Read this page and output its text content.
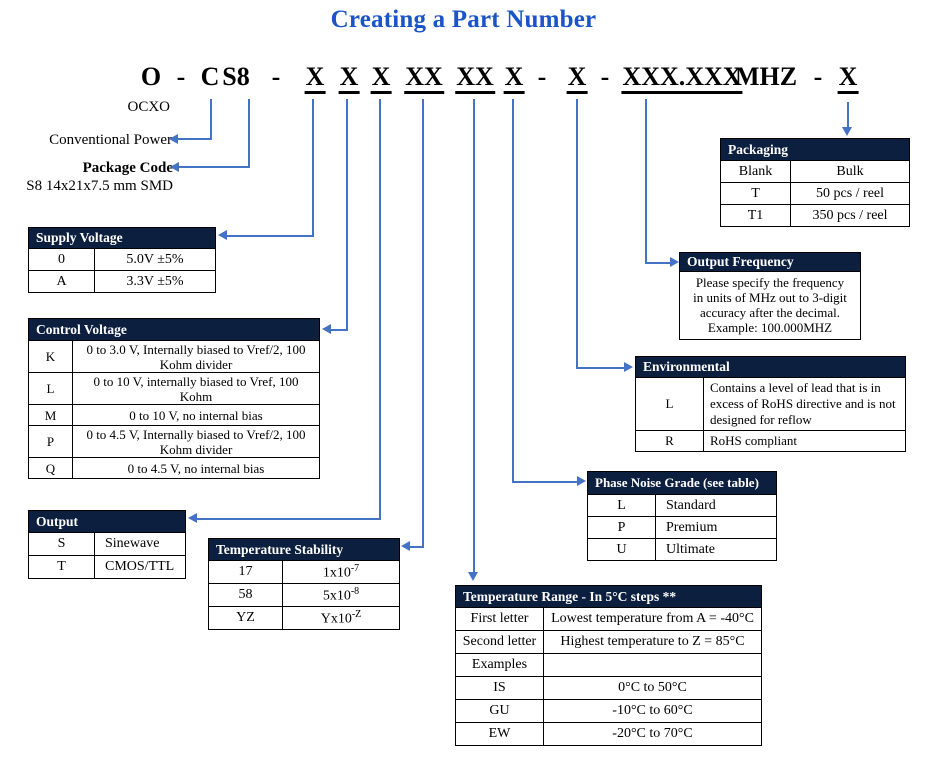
Creating a Part Number
O - C S8 - X X X XX XX X - X - XXX.XXX
MHZ - X
OCXO
Conventional Power
Package Code
S8 14x21x7.5 mm SMD
Supply Voltage	
0	5.0V ±5%
A	3.3V ±5%
Control Voltage	
K	0 to 3.0 V, Internally biased to Vref/2, 100 Kohm divider
L	0 to 10 V, internally biased to Vref, 100 Kohm
M	0 to 10 V, no internal bias
P	0 to 4.5 V, Internally biased to Vref/2, 100 Kohm divider
Q	0 to 4.5 V, no internal bias
Output	
S	Sinewave
T	CMOS/TTL
Temperature Stability	
17	$1x10^{-7}$
58	$5x10^{-8}$
YZ	$Yx10^{-Z}$
Temperature Range - In 5°C steps **	
First letter	Lowest temperature from A = -40°C
Second letter	Highest temperature to Z = 85°C
Examples	
IS	0°C to 50°C
GU	-10°C to 60°C
EW	-20°C to 70°C
Phase Noise Grade (see table)	
L	Standard
P	Premium
U	Ultimate
Environmental	
L	Contains a level of lead that is in excess of RoHS directive and is not designed for reflow
R	RoHS compliant
Output Frequency
Please specify the frequency
in units of MHz out to 3-digit
accuracy after the decimal.
Example: 100.000MHZ
Packaging	
Blank	Bulk
T	50 pcs / reel
T1	350 pcs / reel
